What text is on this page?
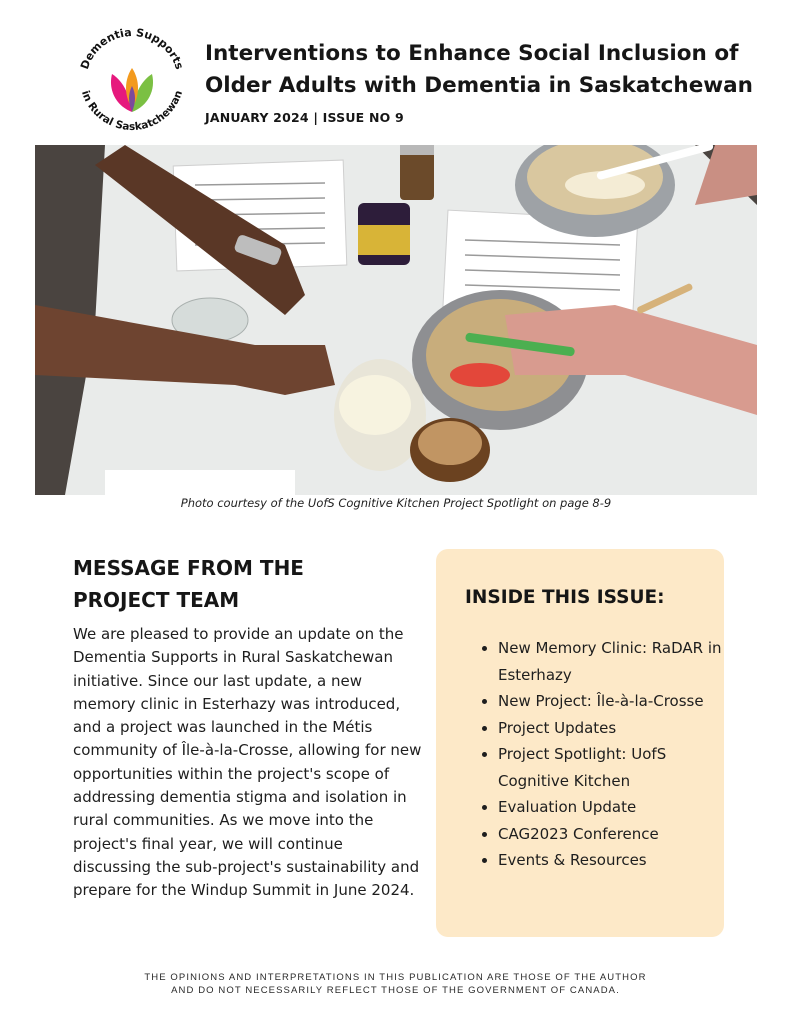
Dementia Supports
in Rural Saskatchewan
Interventions to Enhance Social Inclusion of
Older Adults with Dementia in Saskatchewan
JANUARY 2024 | ISSUE NO 9
Photo courtesy of the UofS Cognitive Kitchen Project Spotlight on page 8-9
MESSAGE FROM THE
PROJECT TEAM

We are pleased to provide an update on the Dementia Supports in Rural Saskatchewan initiative. Since our last update, a new memory clinic in Esterhazy was introduced, and a project was launched in the Métis community of Île-à-la-Crosse, allowing for new opportunities within the project's scope of addressing dementia stigma and isolation in rural communities. As we move into the project's final year, we will continue discussing the sub-project's sustainability and prepare for the Windup Summit in June 2024.

INSIDE THIS ISSUE:
• New Memory Clinic: RaDAR in Esterhazy
• New Project: Île-à-la-Crosse
• Project Updates
• Project Spotlight: UofS Cognitive Kitchen
• Evaluation Update
• CAG2023 Conference
• Events & Resources
THE OPINIONS AND INTERPRETATIONS IN THIS PUBLICATION ARE THOSE OF THE AUTHOR
AND DO NOT NECESSARILY REFLECT THOSE OF THE GOVERNMENT OF CANADA.
